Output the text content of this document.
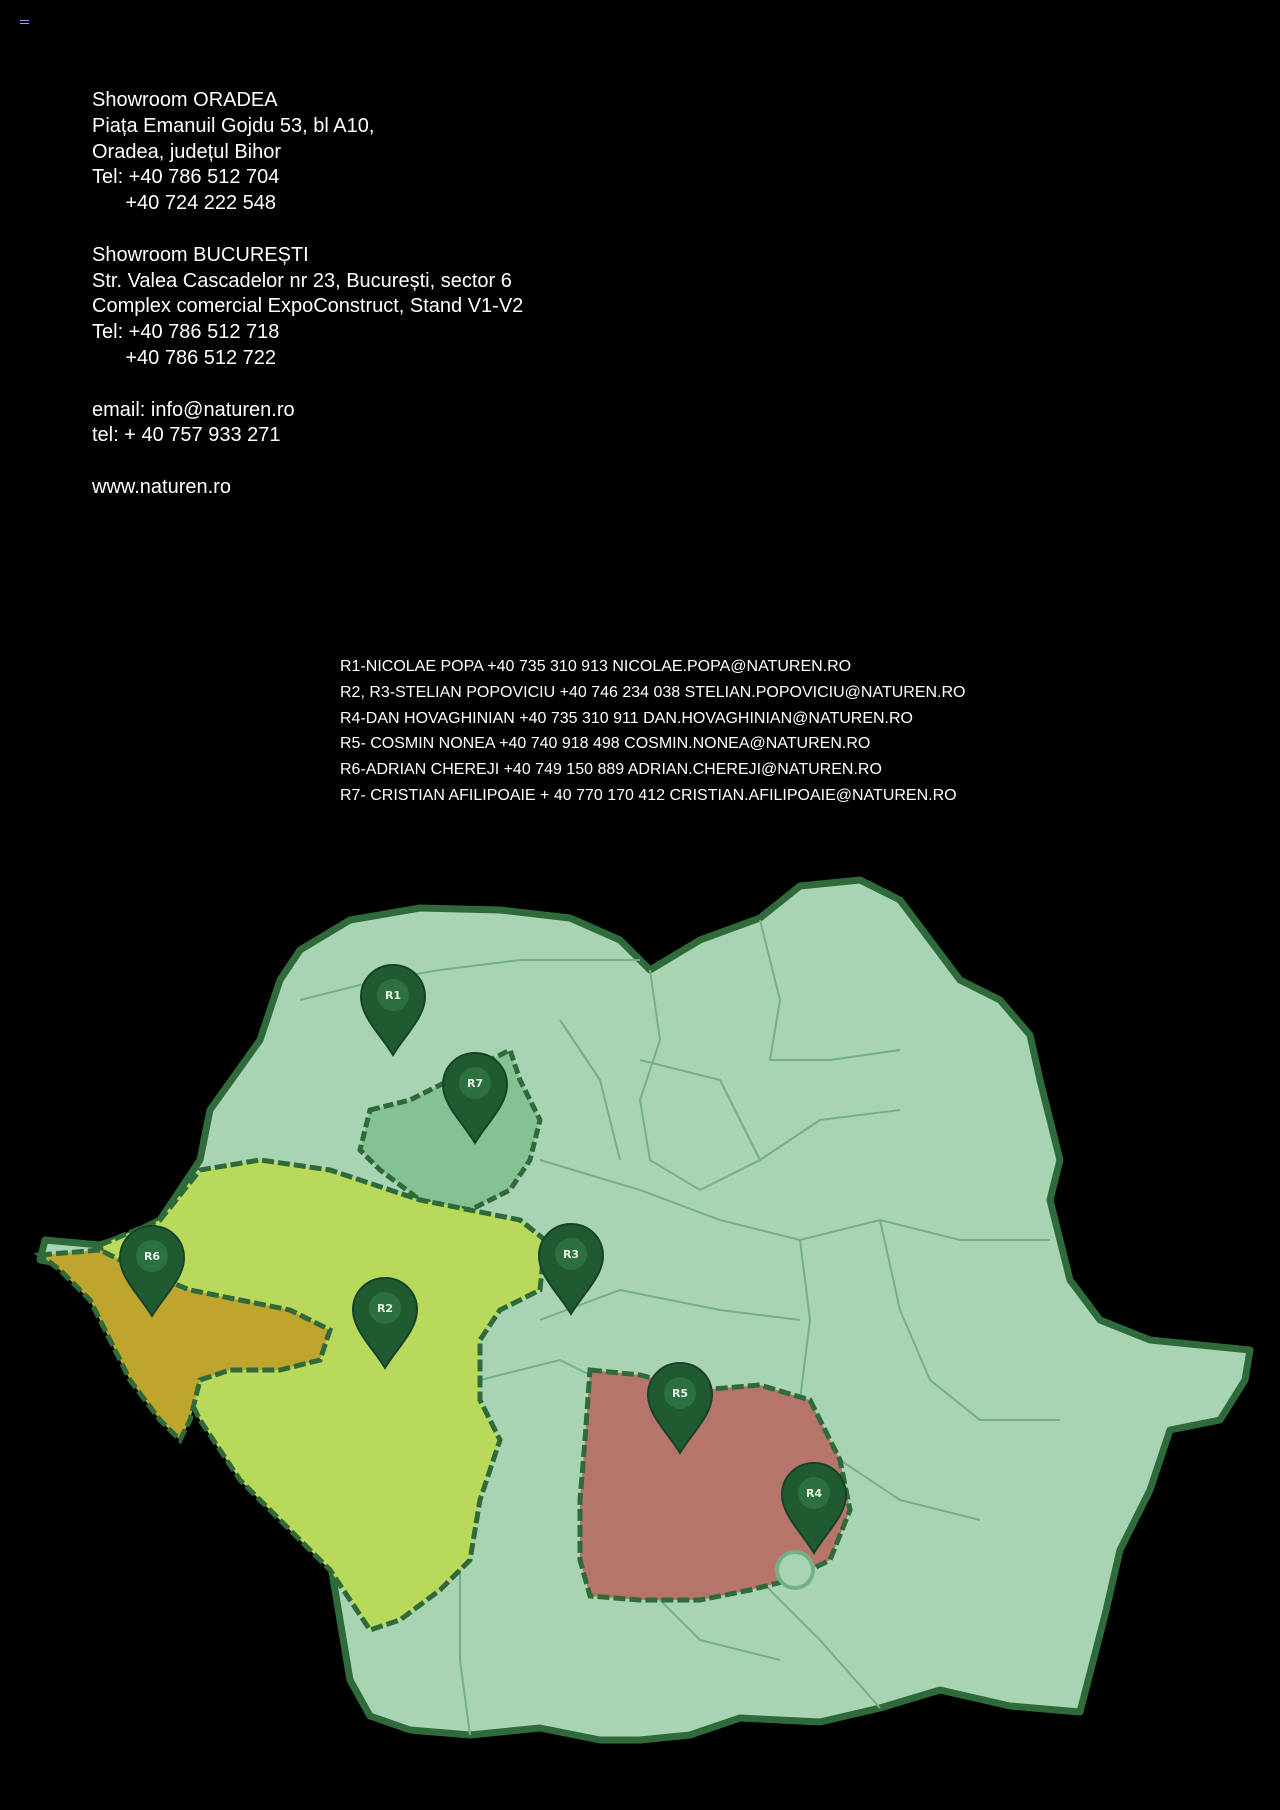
Showroom ORADEA
Piața Emanuil Gojdu 53, bl A10,
Oradea, județul Bihor
Tel: +40 786 512 704
+40 724 222 548
Showroom BUCUREȘTI
Str. Valea Cascadelor nr 23, București, sector 6
Complex comercial ExpoConstruct, Stand V1-V2
Tel: +40 786 512 718
+40 786 512 722
email: info@naturen.ro
tel: + 40 757 933 271
www.naturen.ro
R1-NICOLAE POPA +40 735 310 913 NICOLAE.POPA@NATUREN.RO
R2, R3-STELIAN POPOVICIU +40 746 234 038 STELIAN.POPOVICIU@NATUREN.RO
R4-DAN HOVAGHINIAN +40 735 310 911 DAN.HOVAGHINIAN@NATUREN.RO
R5- COSMIN NONEA +40 740 918 498 COSMIN.NONEA@NATUREN.RO
R6-ADRIAN CHEREJI +40 749 150 889 ADRIAN.CHEREJI@NATUREN.RO
R7- CRISTIAN AFILIPOAIE + 40 770 170 412 CRISTIAN.AFILIPOAIE@NATUREN.RO
R1
R7
R6
R2
R3
R5
R4
